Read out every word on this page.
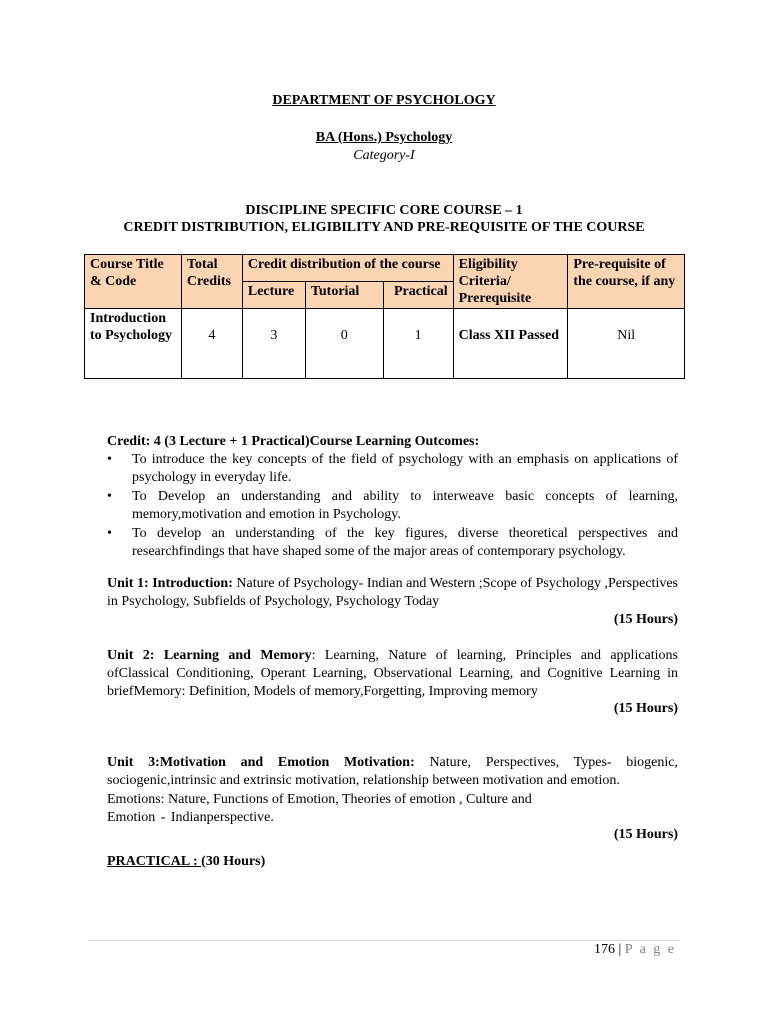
DEPARTMENT OF PSYCHOLOGY
BA (Hons.) Psychology
Category-I
DISCIPLINE SPECIFIC CORE COURSE – 1
CREDIT DISTRIBUTION, ELIGIBILITY AND PRE-REQUISITE OF THE COURSE
Course Title & Code	Total Credits	Credit distribution of the course			Eligibility Criteria/ Prerequisite	Pre-requisite of the course, if any
		Lecture	Tutorial	Practical		
Introduction to Psychology	4	3	0	1	Class XII Passed	Nil
Credit: 4 (3 Lecture + 1 Practical)Course Learning Outcomes:
• To introduce the key concepts of the field of psychology with an emphasis on applications of psychology in everyday life.
• To Develop an understanding and ability to interweave basic concepts of learning, memory,motivation and emotion in Psychology.
• To develop an understanding of the key figures, diverse theoretical perspectives and researchfindings that have shaped some of the major areas of contemporary psychology.
Unit 1: Introduction: Nature of Psychology- Indian and Western ;Scope of Psychology ,Perspectives in Psychology, Subfields of Psychology, Psychology Today
(15 Hours)
Unit 2: Learning and Memory: Learning, Nature of learning, Principles and applications ofClassical Conditioning, Operant Learning, Observational Learning, and Cognitive Learning in briefMemory: Definition, Models of memory,Forgetting, Improving memory
(15 Hours)
Unit 3:Motivation and Emotion Motivation: Nature, Perspectives, Types- biogenic, sociogenic,intrinsic and extrinsic motivation, relationship between motivation and emotion.
Emotions: Nature, Functions of Emotion, Theories of emotion , Culture and
Emotion - Indianperspective.
(15 Hours)
PRACTICAL : (30 Hours)
176 | P a g e
